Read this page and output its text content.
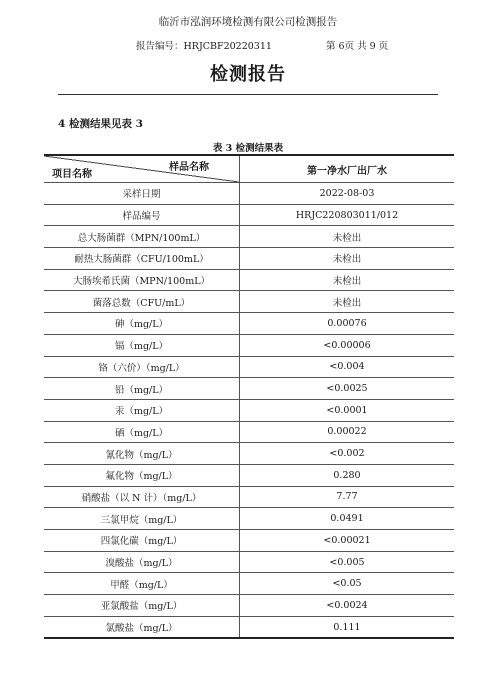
临沂市泓润环境检测有限公司检测报告
报告编号：HRJCBF20220311	第 6页 共 9 页
检测报告
4 检测结果见表 3
表 3 检测结果表
样品名称
项目名称	第一净水厂出厂水
采样日期	2022-08-03
样品编号	HRJC220803011/012
总大肠菌群（MPN/100mL）	未检出
耐热大肠菌群（CFU/100mL）	未检出
大肠埃希氏菌（MPN/100mL）	未检出
菌落总数（CFU/mL）	未检出
砷（mg/L）	0.00076
镉（mg/L）	<0.00006
铬（六价）（mg/L）	<0.004
铅（mg/L）	<0.0025
汞（mg/L）	<0.0001
硒（mg/L）	0.00022
氰化物（mg/L）	<0.002
氟化物（mg/L）	0.280
硝酸盐（以 N 计）（mg/L）	7.77
三氯甲烷（mg/L）	0.0491
四氯化碳（mg/L）	<0.00021
溴酸盐（mg/L）	<0.005
甲醛（mg/L）	<0.05
亚氯酸盐（mg/L）	<0.0024
氯酸盐（mg/L）	0.111
